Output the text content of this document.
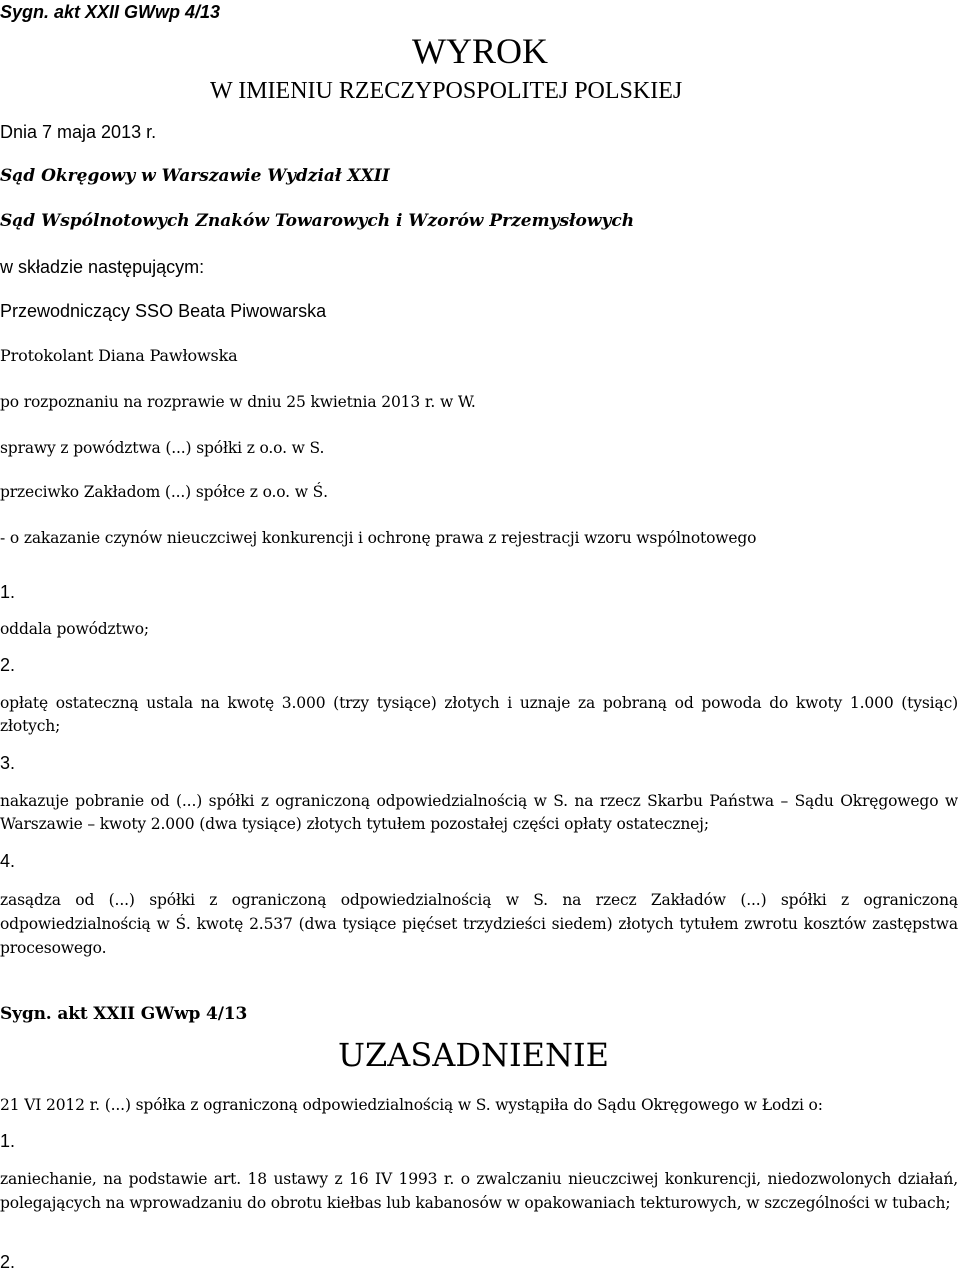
Sygn. akt XXII GWwp 4/13
WYROK
W IMIENIU RZECZYPOSPOLITEJ POLSKIEJ
Dnia 7 maja 2013 r.
Sąd Okręgowy w Warszawie Wydział XXII
Sąd Wspólnotowych Znaków Towarowych i Wzorów Przemysłowych
w składzie następującym:
Przewodniczący SSO Beata Piwowarska
Protokolant Diana Pawłowska
po rozpoznaniu na rozprawie w dniu 25 kwietnia 2013 r. w W.
sprawy z powództwa (...) spółki z o.o. w S.
przeciwko Zakładom (...) spółce z o.o. w Ś.
- o zakazanie czynów nieuczciwej konkurencji i ochronę prawa z rejestracji wzoru wspólnotowego
1.
oddala powództwo;
2.
opłatę ostateczną ustala na kwotę 3.000 (trzy tysiące) złotych i uznaje za pobraną od powoda do kwoty 1.000 (tysiąc) złotych;
3.
nakazuje pobranie od (...) spółki z ograniczoną odpowiedzialnością w S. na rzecz Skarbu Państwa – Sądu Okręgowego w Warszawie – kwoty 2.000 (dwa tysiące) złotych tytułem pozostałej części opłaty ostatecznej;
4.
zasądza od (...) spółki z ograniczoną odpowiedzialnością w S. na rzecz Zakładów (...) spółki z ograniczoną odpowiedzialnością w Ś. kwotę 2.537 (dwa tysiące pięćset trzydzieści siedem) złotych tytułem zwrotu kosztów zastępstwa procesowego.
Sygn. akt XXII GWwp 4/13
UZASADNIENIE
21 VI 2012 r. (...) spółka z ograniczoną odpowiedzialnością w S. wystąpiła do Sądu Okręgowego w Łodzi o:
1.
zaniechanie, na podstawie art. 18 ustawy z 16 IV 1993 r. o zwalczaniu nieuczciwej konkurencji, niedozwolonych działań, polegających na wprowadzaniu do obrotu kiełbas lub kabanosów w opakowaniach tekturowych, w szczególności w tubach;
2.
